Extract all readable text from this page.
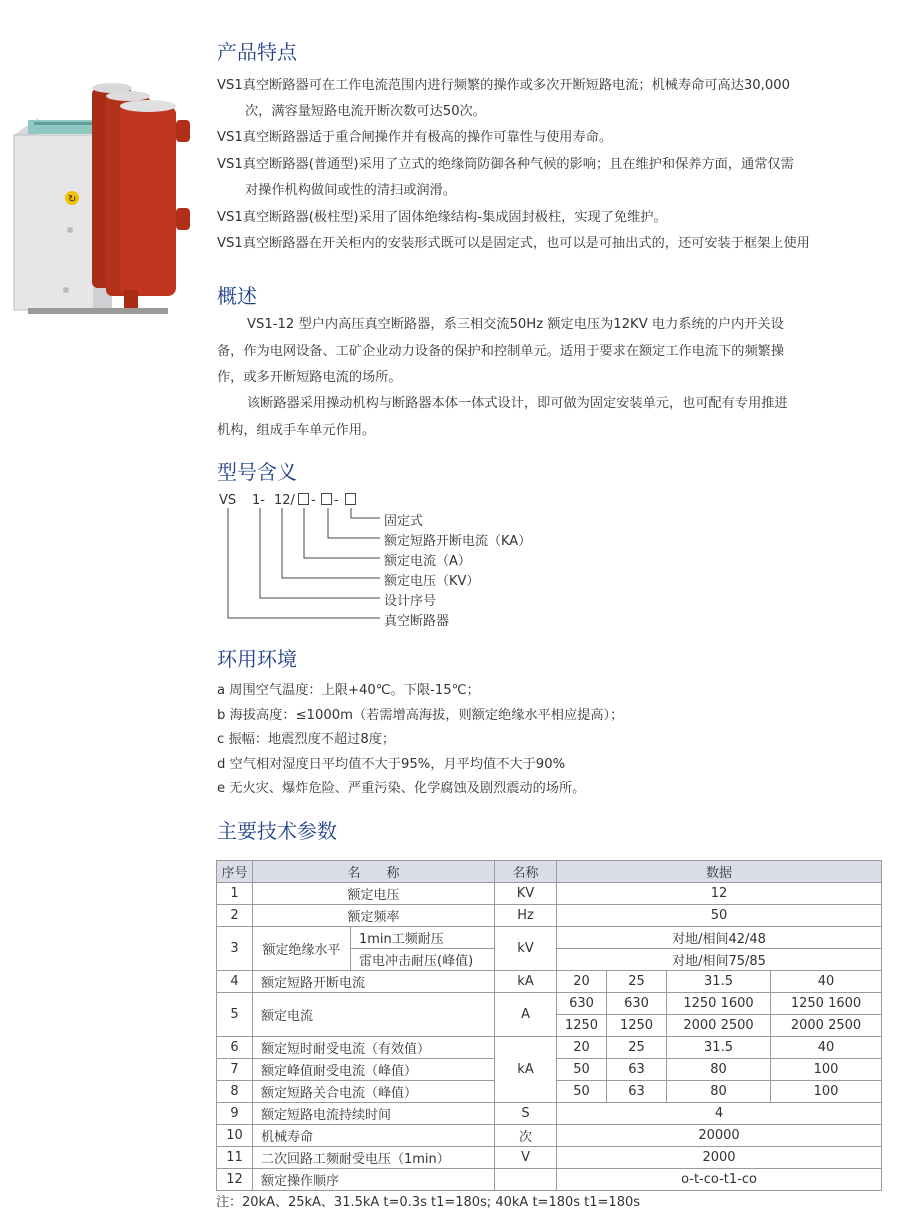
↻
产品特点
VS1真空断路器可在工作电流范围内进行频繁的操作或多次开断短路电流；机械寿命可高达30,000
次，满容量短路电流开断次数可达50次。
VS1真空断路器适于重合闸操作并有极高的操作可靠性与使用寿命。
VS1真空断路器(普通型)采用了立式的绝缘筒防御各种气候的影响；且在维护和保养方面，通常仅需
对操作机构做间或性的清扫或润滑。
VS1真空断路器(极柱型)采用了固体绝缘结构-集成固封极柱，实现了免维护。
VS1真空断路器在开关柜内的安装形式既可以是固定式，也可以是可抽出式的，还可安装于框架上使用
概述
VS1-12 型户内高压真空断路器，系三相交流50Hz 额定电压为12KV 电力系统的户内开关设
备，作为电网设备、工矿企业动力设备的保护和控制单元。适用于要求在额定工作电流下的频繁操
作，或多开断短路电流的场所。
该断路器采用操动机构与断路器本体一体式设计，即可做为固定安装单元，也可配有专用推进
机构，组成手车单元作用。
型号含义
VS 1- 12/ - -
固定式
额定短路开断电流（KA）
额定电流（A）
额定电压（KV）
设计序号
真空断路器
环用环境
a 周围空气温度：上限+40℃。下限-15℃；
b 海拔高度：≤1000m（若需增高海拔，则额定绝缘水平相应提高）；
c 振幅：地震烈度不超过8度；
d 空气相对湿度日平均值不大于95%，月平均值不大于90%
e 无火灾、爆炸危险、严重污染、化学腐蚀及剧烈震动的场所。
主要技术参数
序号	名　　称		名称	数据			
1	额定电压		KV	12			
2	额定频率		Hz	50			
3	额定绝缘水平	1min工频耐压	kV	对地/相间42/48			
		雷电冲击耐压(峰值)		对地/相间75/85			
4	额定短路开断电流		kA	20	25	31.5	40
5	额定电流		A	630	630	1250 1600	1250 1600
				1250	1250	2000 2500	2000 2500
6	额定短时耐受电流（有效值）		kA	20	25	31.5	40
7	额定峰值耐受电流（峰值）			50	63	80	100
8	额定短路关合电流（峰值）			50	63	80	100
9	额定短路电流持续时间		S	4			
10	机械寿命		次	20000			
11	二次回路工频耐受电压（1min）		V	2000			
12	额定操作顺序			o-t-co-t1-co			
注：20kA、25kA、31.5kA t=0.3s t1=180s; 40kA t=180s t1=180s
